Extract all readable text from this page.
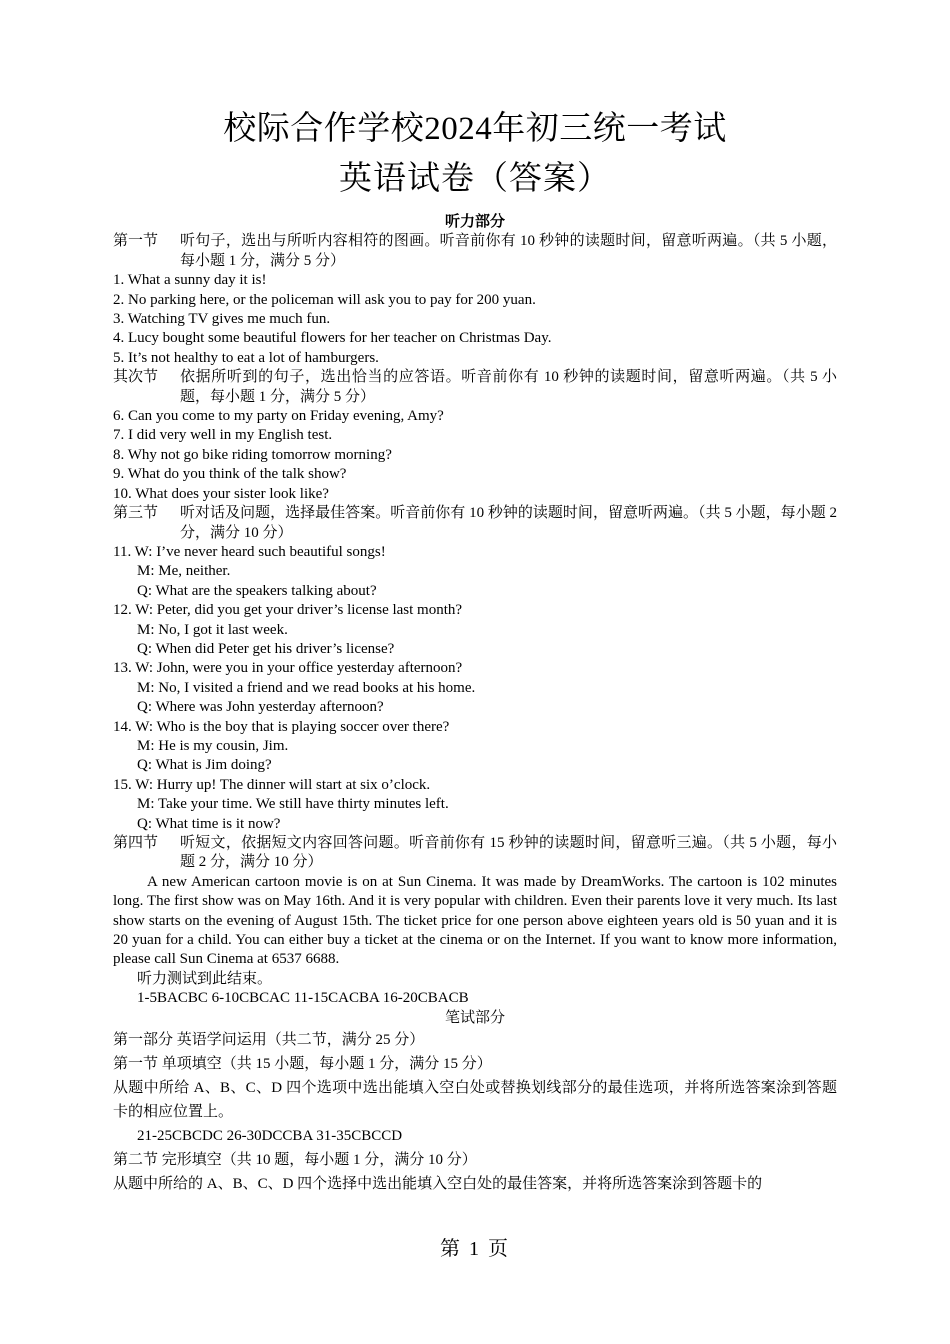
校际合作学校2024年初三统一考试
英语试卷（答案）
听力部分
第一节 听句子，选出与所听内容相符的图画。听音前你有 10 秒钟的读题时间，留意听两遍。（共 5 小题，每小题 1 分，满分 5 分）
1. What a sunny day it is!
2. No parking here, or the policeman will ask you to pay for 200 yuan.
3. Watching TV gives me much fun.
4. Lucy bought some beautiful flowers for her teacher on Christmas Day.
5. It’s not healthy to eat a lot of hamburgers.
其次节 依据所听到的句子，选出恰当的应答语。听音前你有 10 秒钟的读题时间，留意听两遍。（共 5 小题，每小题 1 分，满分 5 分）
6. Can you come to my party on Friday evening, Amy?
7. I did very well in my English test.
8. Why not go bike riding tomorrow morning?
9. What do you think of the talk show?
10. What does your sister look like?
第三节 听对话及问题，选择最佳答案。听音前你有 10 秒钟的读题时间，留意听两遍。（共 5 小题，每小题 2 分，满分 10 分）
11. W: I’ve never heard such beautiful songs!
M: Me, neither.
Q: What are the speakers talking about?
12. W: Peter, did you get your driver’s license last month?
M: No, I got it last week.
Q: When did Peter get his driver’s license?
13. W: John, were you in your office yesterday afternoon?
M: No, I visited a friend and we read books at his home.
Q: Where was John yesterday afternoon?
14. W: Who is the boy that is playing soccer over there?
M: He is my cousin, Jim.
Q: What is Jim doing?
15. W: Hurry up! The dinner will start at six o’clock.
M: Take your time. We still have thirty minutes left.
Q: What time is it now?
第四节 听短文，依据短文内容回答问题。听音前你有 15 秒钟的读题时间，留意听三遍。（共 5 小题，每小题 2 分，满分 10 分）
A new American cartoon movie is on at Sun Cinema. It was made by DreamWorks. The cartoon is 102 minutes long. The first show was on May 16th. And it is very popular with children. Even their parents love it very much. Its last show starts on the evening of August 15th. The ticket price for one person above eighteen years old is 50 yuan and it is 20 yuan for a child. You can either buy a ticket at the cinema or on the Internet. If you want to know more information, please call Sun Cinema at 6537 6688.
听力测试到此结束。
1-5BACBC 6-10CBCAC 11-15CACBA 16-20CBACB
笔试部分
第一部分 英语学问运用（共二节，满分 25 分）
第一节 单项填空（共 15 小题，每小题 1 分，满分 15 分）
从题中所给 A、B、C、D 四个选项中选出能填入空白处或替换划线部分的最佳选项，并将所选答案涂到答题卡的相应位置上。
21-25CBCDC 26-30DCCBA 31-35CBCCD
第二节 完形填空（共 10 题，每小题 1 分，满分 10 分）
从题中所给的 A、B、C、D 四个选择中选出能填入空白处的最佳答案，并将所选答案涂到答题卡的
第 1 页
